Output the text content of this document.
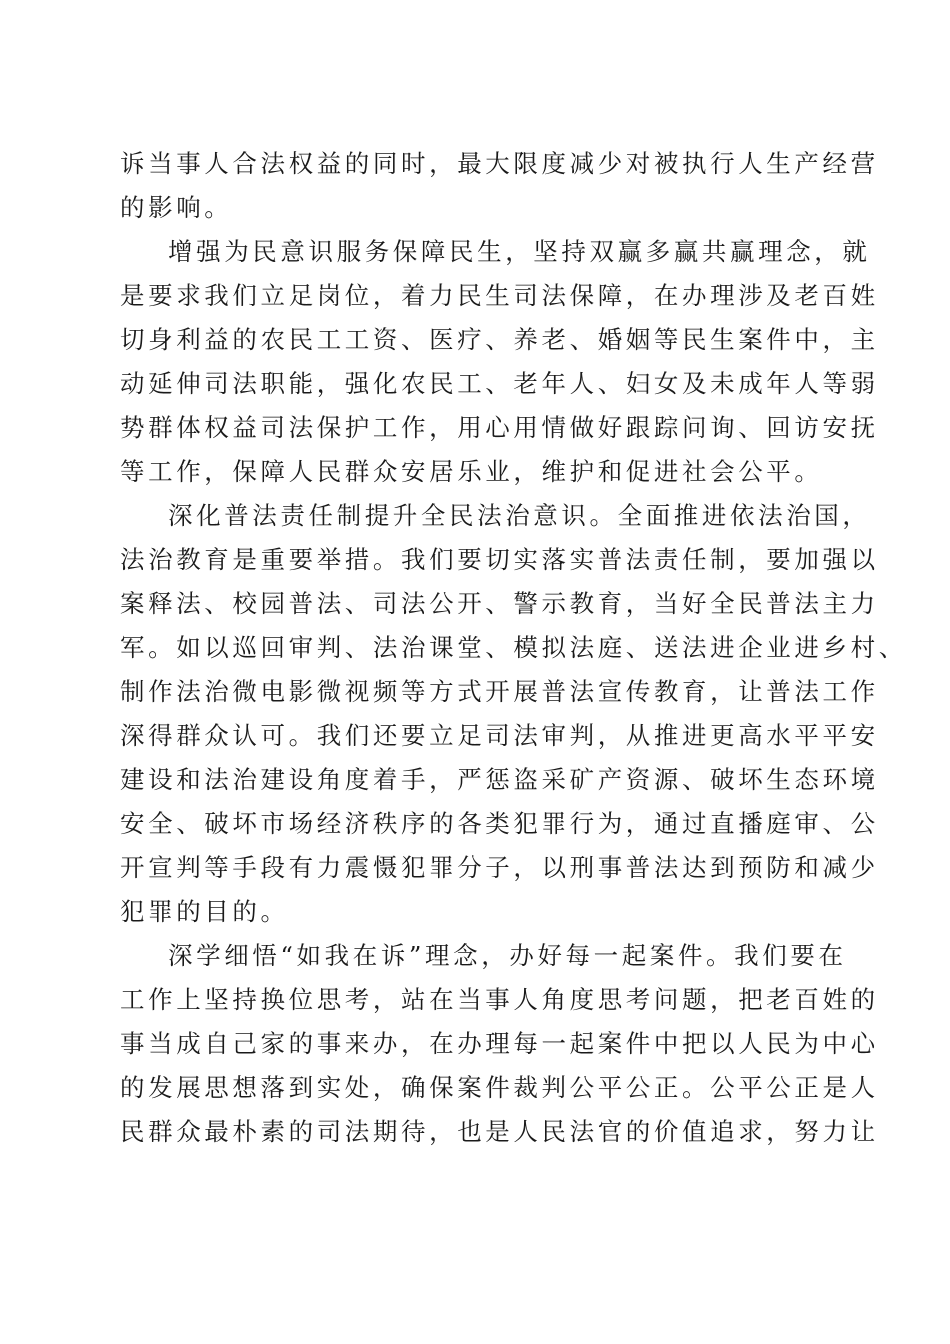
诉当事人合法权益的同时，最大限度减少对被执行人生产经营
的影响。
增强为民意识服务保障民生，坚持双赢多赢共赢理念，就
是要求我们立足岗位，着力民生司法保障，在办理涉及老百姓
切身利益的农民工工资、医疗、养老、婚姻等民生案件中，主
动延伸司法职能，强化农民工、老年人、妇女及未成年人等弱
势群体权益司法保护工作，用心用情做好跟踪问询、回访安抚
等工作，保障人民群众安居乐业，维护和促进社会公平。
深化普法责任制提升全民法治意识。全面推进依法治国，
法治教育是重要举措。我们要切实落实普法责任制，要加强以
案释法、校园普法、司法公开、警示教育，当好全民普法主力
军。如以巡回审判、法治课堂、模拟法庭、送法进企业进乡村、
制作法治微电影微视频等方式开展普法宣传教育，让普法工作
深得群众认可。我们还要立足司法审判，从推进更高水平平安
建设和法治建设角度着手，严惩盗采矿产资源、破坏生态环境
安全、破坏市场经济秩序的各类犯罪行为，通过直播庭审、公
开宣判等手段有力震慑犯罪分子，以刑事普法达到预防和减少
犯罪的目的。
深学细悟“如我在诉”理念，办好每一起案件。我们要在
工作上坚持换位思考，站在当事人角度思考问题，把老百姓的
事当成自己家的事来办，在办理每一起案件中把以人民为中心
的发展思想落到实处，确保案件裁判公平公正。公平公正是人
民群众最朴素的司法期待，也是人民法官的价值追求，努力让
